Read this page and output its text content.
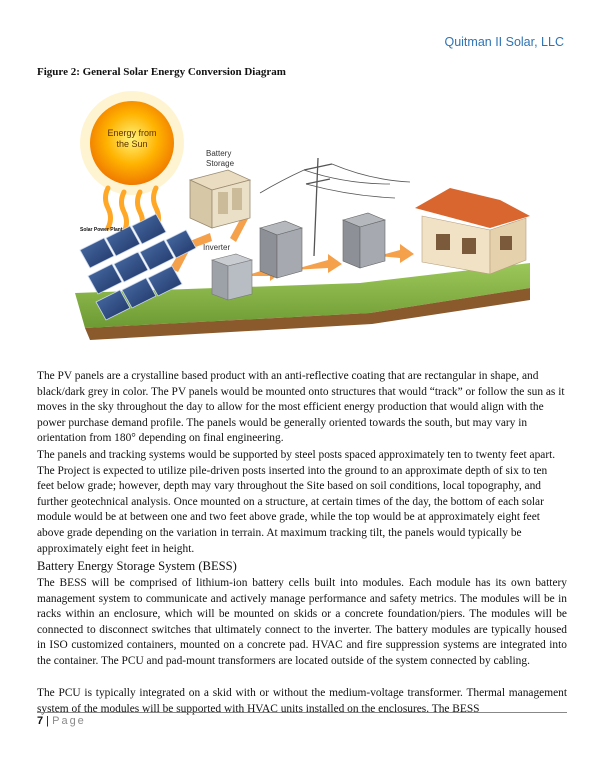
Quitman II Solar, LLC
Figure 2: General Solar Energy Conversion Diagram
Energy from
the Sun
Solar Power Plant
Battery
Storage
Inverter

The PV panels are a crystalline based product with an anti-reflective coating that are rectangular in shape, and black/dark grey in color. The PV panels would be mounted onto structures that would “track” or follow the sun as it moves in the sky throughout the day to allow for the most efficient energy production that would align with the power purchase demand profile. The panels would be generally oriented towards the south, but may vary in orientation from 180° depending on final engineering.

The panels and tracking systems would be supported by steel posts spaced approximately ten to twenty feet apart. The Project is expected to utilize pile-driven posts inserted into the ground to an approximate depth of six to ten feet below grade; however, depth may vary throughout the Site based on soil conditions, local topography, and further geotechnical analysis. Once mounted on a structure, at certain times of the day, the bottom of each solar module would be at between one and two feet above grade, while the top would be at approximately eight feet above grade depending on the variation in terrain. At maximum tracking tilt, the panels would typically be approximately eight feet in height.

Battery Energy Storage System (BESS)

The BESS will be comprised of lithium-ion battery cells built into modules. Each module has its own battery management system to communicate and actively manage performance and safety metrics. The modules will be in racks within an enclosure, which will be mounted on skids or a concrete foundation/piers. The modules will be connected to disconnect switches that ultimately connect to the inverter. The battery modules are typically housed in ISO customized containers, mounted on a concrete pad. HVAC and fire suppression systems are integrated into the container. The PCU and pad-mount transformers are located outside of the system connected by cabling.

The PCU is typically integrated on a skid with or without the medium-voltage transformer. Thermal management system of the modules will be supported with HVAC units installed on the enclosures. The BESS

7 | Page
